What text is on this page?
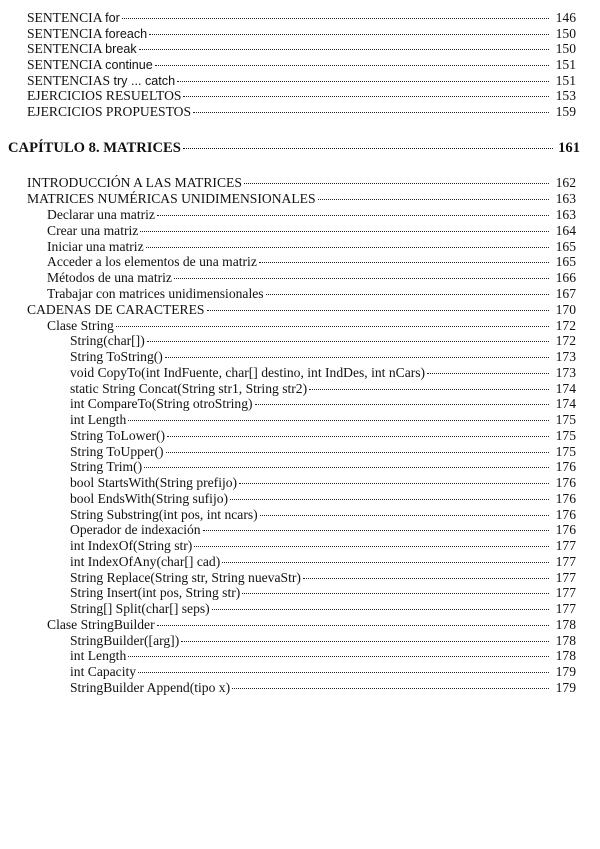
SENTENCIA for	146
SENTENCIA foreach	150
SENTENCIA break	150
SENTENCIA continue	151
SENTENCIAS try ... catch	151
EJERCICIOS RESUELTOS	153
EJERCICIOS PROPUESTOS	159
CAPÍTULO 8. MATRICES	161
INTRODUCCIÓN A LAS MATRICES	162
MATRICES NUMÉRICAS UNIDIMENSIONALES	163
Declarar una matriz	163
Crear una matriz	164
Iniciar una matriz	165
Acceder a los elementos de una matriz	165
Métodos de una matriz	166
Trabajar con matrices unidimensionales	167
CADENAS DE CARACTERES	170
Clase String	172
String(char[])	172
String ToString()	173
void CopyTo(int IndFuente, char[] destino, int IndDes, int nCars)	173
static String Concat(String str1, String str2)	174
int CompareTo(String otroString)	174
int Length	175
String ToLower()	175
String ToUpper()	175
String Trim()	176
bool StartsWith(String prefijo)	176
bool EndsWith(String sufijo)	176
String Substring(int pos, int ncars)	176
Operador de indexación	176
int IndexOf(String str)	177
int IndexOfAny(char[] cad)	177
String Replace(String str, String nuevaStr)	177
String Insert(int pos, String str)	177
String[] Split(char[] seps)	177
Clase StringBuilder	178
StringBuilder([arg])	178
int Length	178
int Capacity	179
StringBuilder Append(tipo x)	179
